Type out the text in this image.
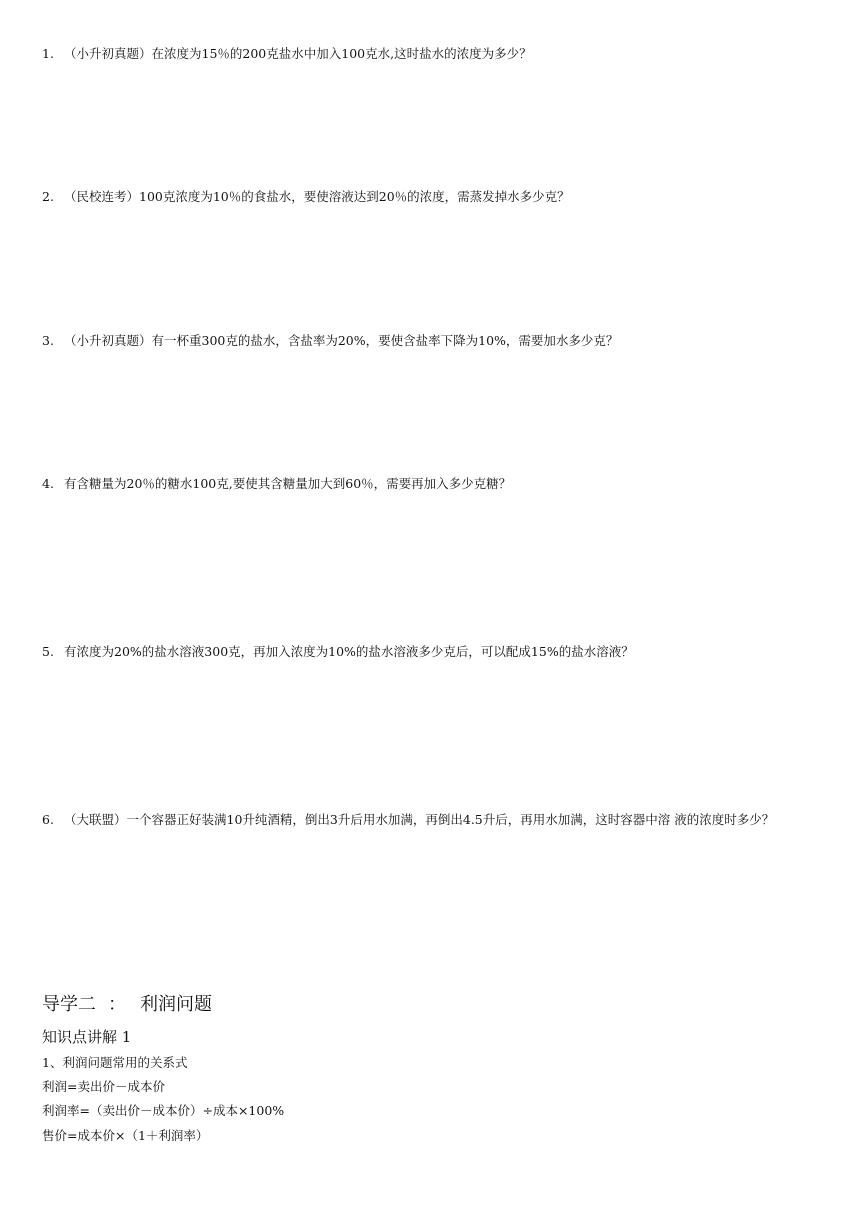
1. （小升初真题）在浓度为15％的200克盐水中加入100克水,这时盐水的浓度为多少？

2. （民校连考）100克浓度为10％的食盐水，要使溶液达到20％的浓度，需蒸发掉水多少克？

3. （小升初真题）有一杯重300克的盐水，含盐率为20%，要使含盐率下降为10%，需要加水多少克？

4. 有含糖量为20％的糖水100克,要使其含糖量加大到60％，需要再加入多少克糖？

5. 有浓度为20%的盐水溶液300克，再加入浓度为10%的盐水溶液多少克后，可以配成15%的盐水溶液？

6. （大联盟）一个容器正好装满10升纯酒精，倒出3升后用水加满，再倒出4.5升后，再用水加满，这时容器中溶 液的浓度时多少？

导学二 ： 利润问题

知识点讲解 1

1、利润问题常用的关系式

利润=卖出价－成本价

利润率=（卖出价－成本价）÷成本×100%

售价=成本价×（1＋利润率）
